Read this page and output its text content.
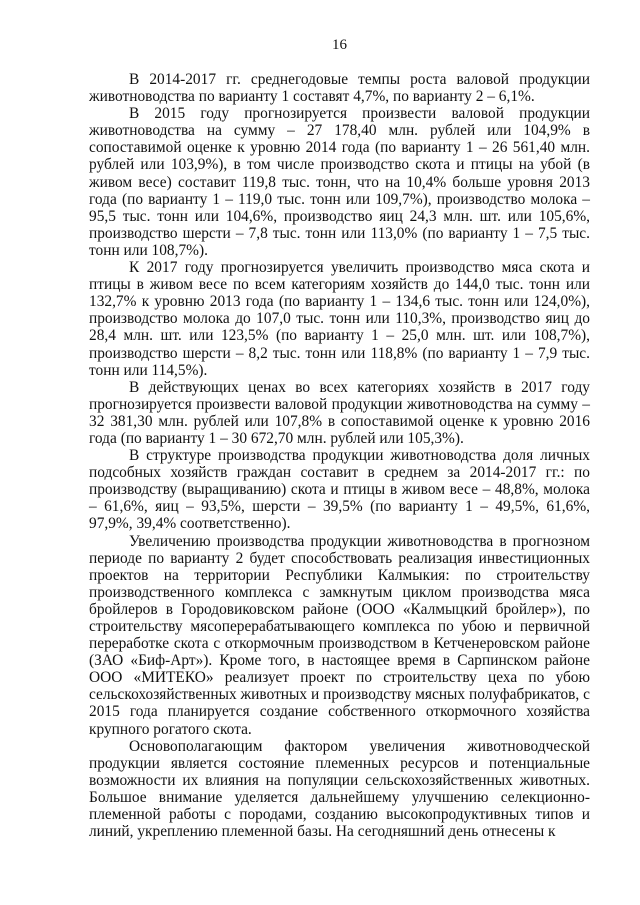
16

В 2014-2017 гг. среднегодовые темпы роста валовой продукции животноводства по варианту 1 составят 4,7%, по варианту 2 – 6,1%.

В 2015 году прогнозируется произвести валовой продукции животноводства на сумму – 27 178,40 млн. рублей или 104,9% в сопоставимой оценке к уровню 2014 года (по варианту 1 – 26 561,40 млн. рублей или 103,9%), в том числе производство скота и птицы на убой (в живом весе) составит 119,8 тыс. тонн, что на 10,4% больше уровня 2013 года (по варианту 1 – 119,0 тыс. тонн или 109,7%), производство молока – 95,5 тыс. тонн или 104,6%, производство яиц 24,3 млн. шт. или 105,6%, производство шерсти – 7,8 тыс. тонн или 113,0% (по варианту 1 – 7,5 тыс. тонн или 108,7%).

К 2017 году прогнозируется увеличить производство мяса скота и птицы в живом весе по всем категориям хозяйств до 144,0 тыс. тонн или 132,7% к уровню 2013 года (по варианту 1 – 134,6 тыс. тонн или 124,0%), производство молока до 107,0 тыс. тонн или 110,3%, производство яиц до 28,4 млн. шт. или 123,5% (по варианту 1 – 25,0 млн. шт. или 108,7%), производство шерсти – 8,2 тыс. тонн или 118,8% (по варианту 1 – 7,9 тыс. тонн или 114,5%).

В действующих ценах во всех категориях хозяйств в 2017 году прогнозируется произвести валовой продукции животноводства на сумму – 32 381,30 млн. рублей или 107,8% в сопоставимой оценке к уровню 2016 года (по варианту 1 – 30 672,70 млн. рублей или 105,3%).

В структуре производства продукции животноводства доля личных подсобных хозяйств граждан составит в среднем за 2014-2017 гг.: по производству (выращиванию) скота и птицы в живом весе – 48,8%, молока – 61,6%, яиц – 93,5%, шерсти – 39,5% (по варианту 1 – 49,5%, 61,6%, 97,9%, 39,4% соответственно).

Увеличению производства продукции животноводства в прогнозном периоде по варианту 2 будет способствовать реализация инвестиционных проектов на территории Республики Калмыкия: по строительству производственного комплекса с замкнутым циклом производства мяса бройлеров в Городовиковском районе (ООО «Калмыцкий бройлер»), по строительству мясоперерабатывающего комплекса по убою и первичной переработке скота с откормочным производством в Кетченеровском районе (ЗАО «Биф-Арт»). Кроме того, в настоящее время в Сарпинском районе ООО «МИТЕКО» реализует проект по строительству цеха по убою сельскохозяйственных животных и производству мясных полуфабрикатов, с 2015 года планируется создание собственного откормочного хозяйства крупного рогатого скота.

Основополагающим фактором увеличения животноводческой продукции является состояние племенных ресурсов и потенциальные возможности их влияния на популяции сельскохозяйственных животных. Большое внимание уделяется дальнейшему улучшению селекционно-племенной работы с породами, созданию высокопродуктивных типов и линий, укреплению племенной базы. На сегодняшний день отнесены к
